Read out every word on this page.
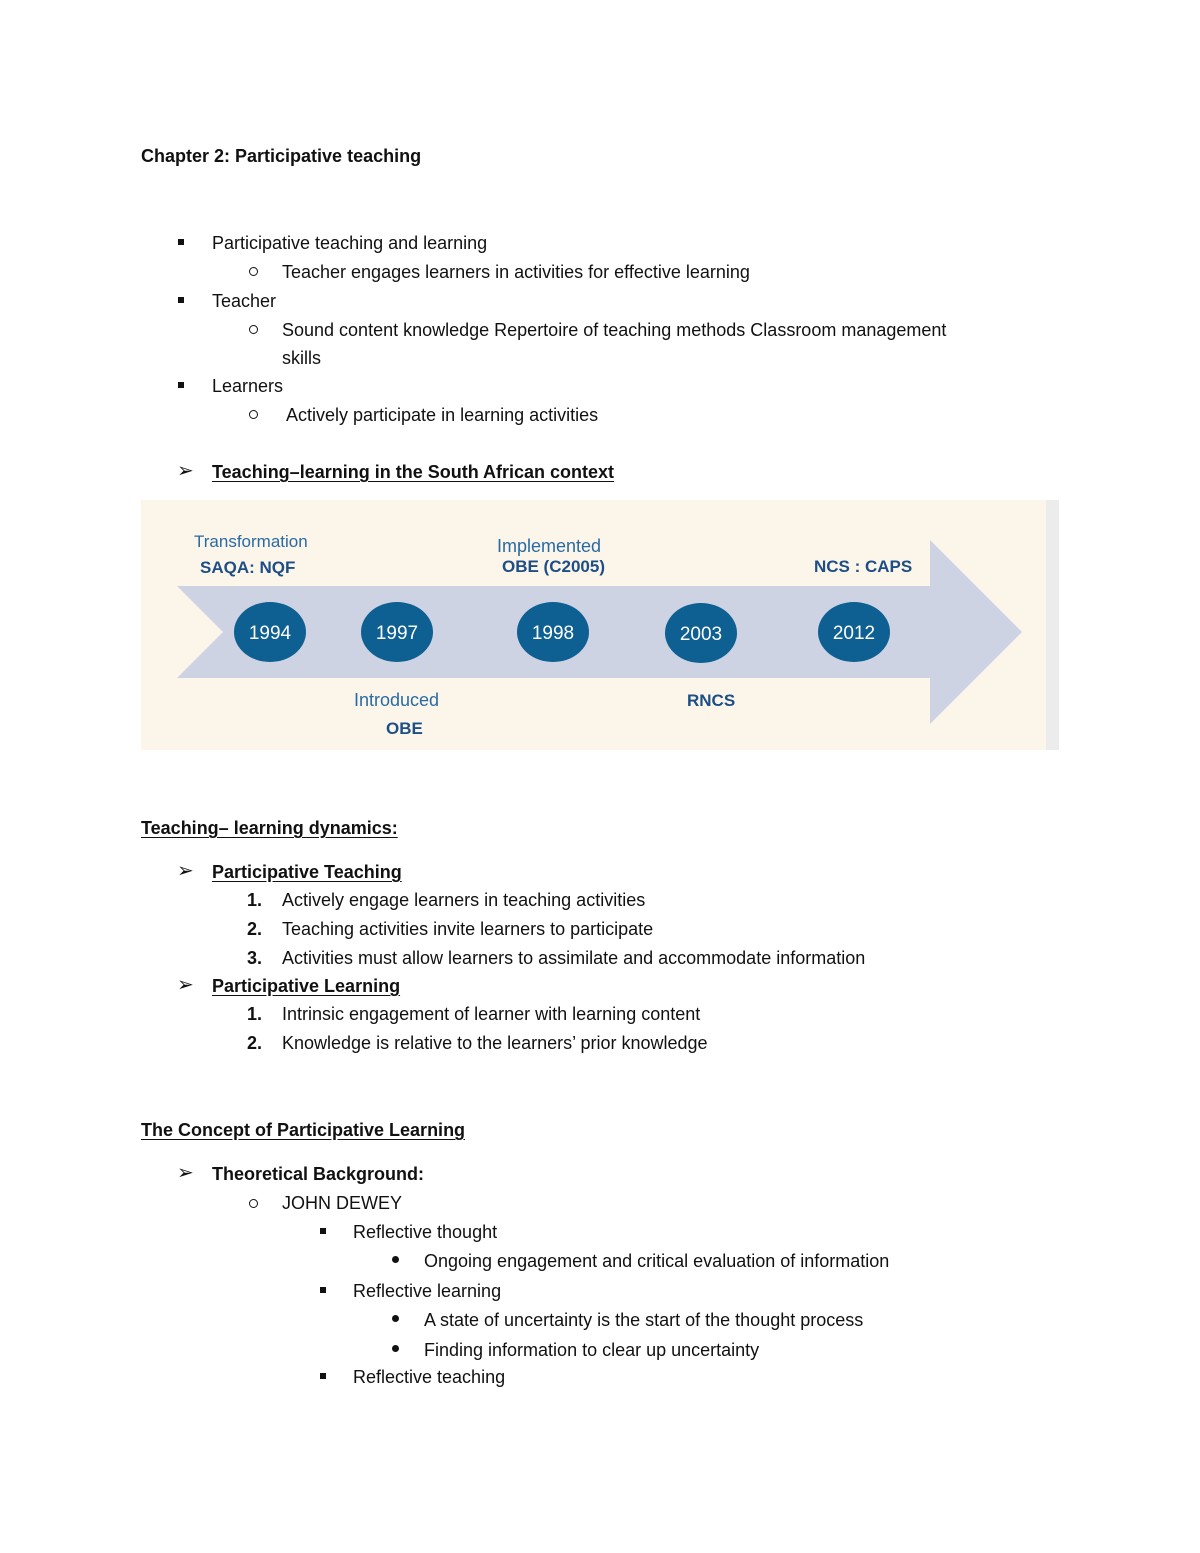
Chapter 2: Participative teaching
Participative teaching and learning
Teacher engages learners in activities for effective learning
Teacher
Sound content knowledge Repertoire of teaching methods Classroom management
skills
Learners
Actively participate in learning activities
➢ Teaching–learning in the South African context
1994	1997	1998	2003	2012
Transformation
SAQA: NQF
Implemented
OBE (C2005)	NCS : CAPS
Introduced
OBE
RNCS
Teaching– learning dynamics:
➢ Participative Teaching
1. Actively engage learners in teaching activities
2. Teaching activities invite learners to participate
3. Activities must allow learners to assimilate and accommodate information
➢ Participative Learning
1. Intrinsic engagement of learner with learning content
2. Knowledge is relative to the learners’ prior knowledge
The Concept of Participative Learning
➢ Theoretical Background:
JOHN DEWEY
Reflective thought
Ongoing engagement and critical evaluation of information
Reflective learning
A state of uncertainty is the start of the thought process
Finding information to clear up uncertainty
Reflective teaching
